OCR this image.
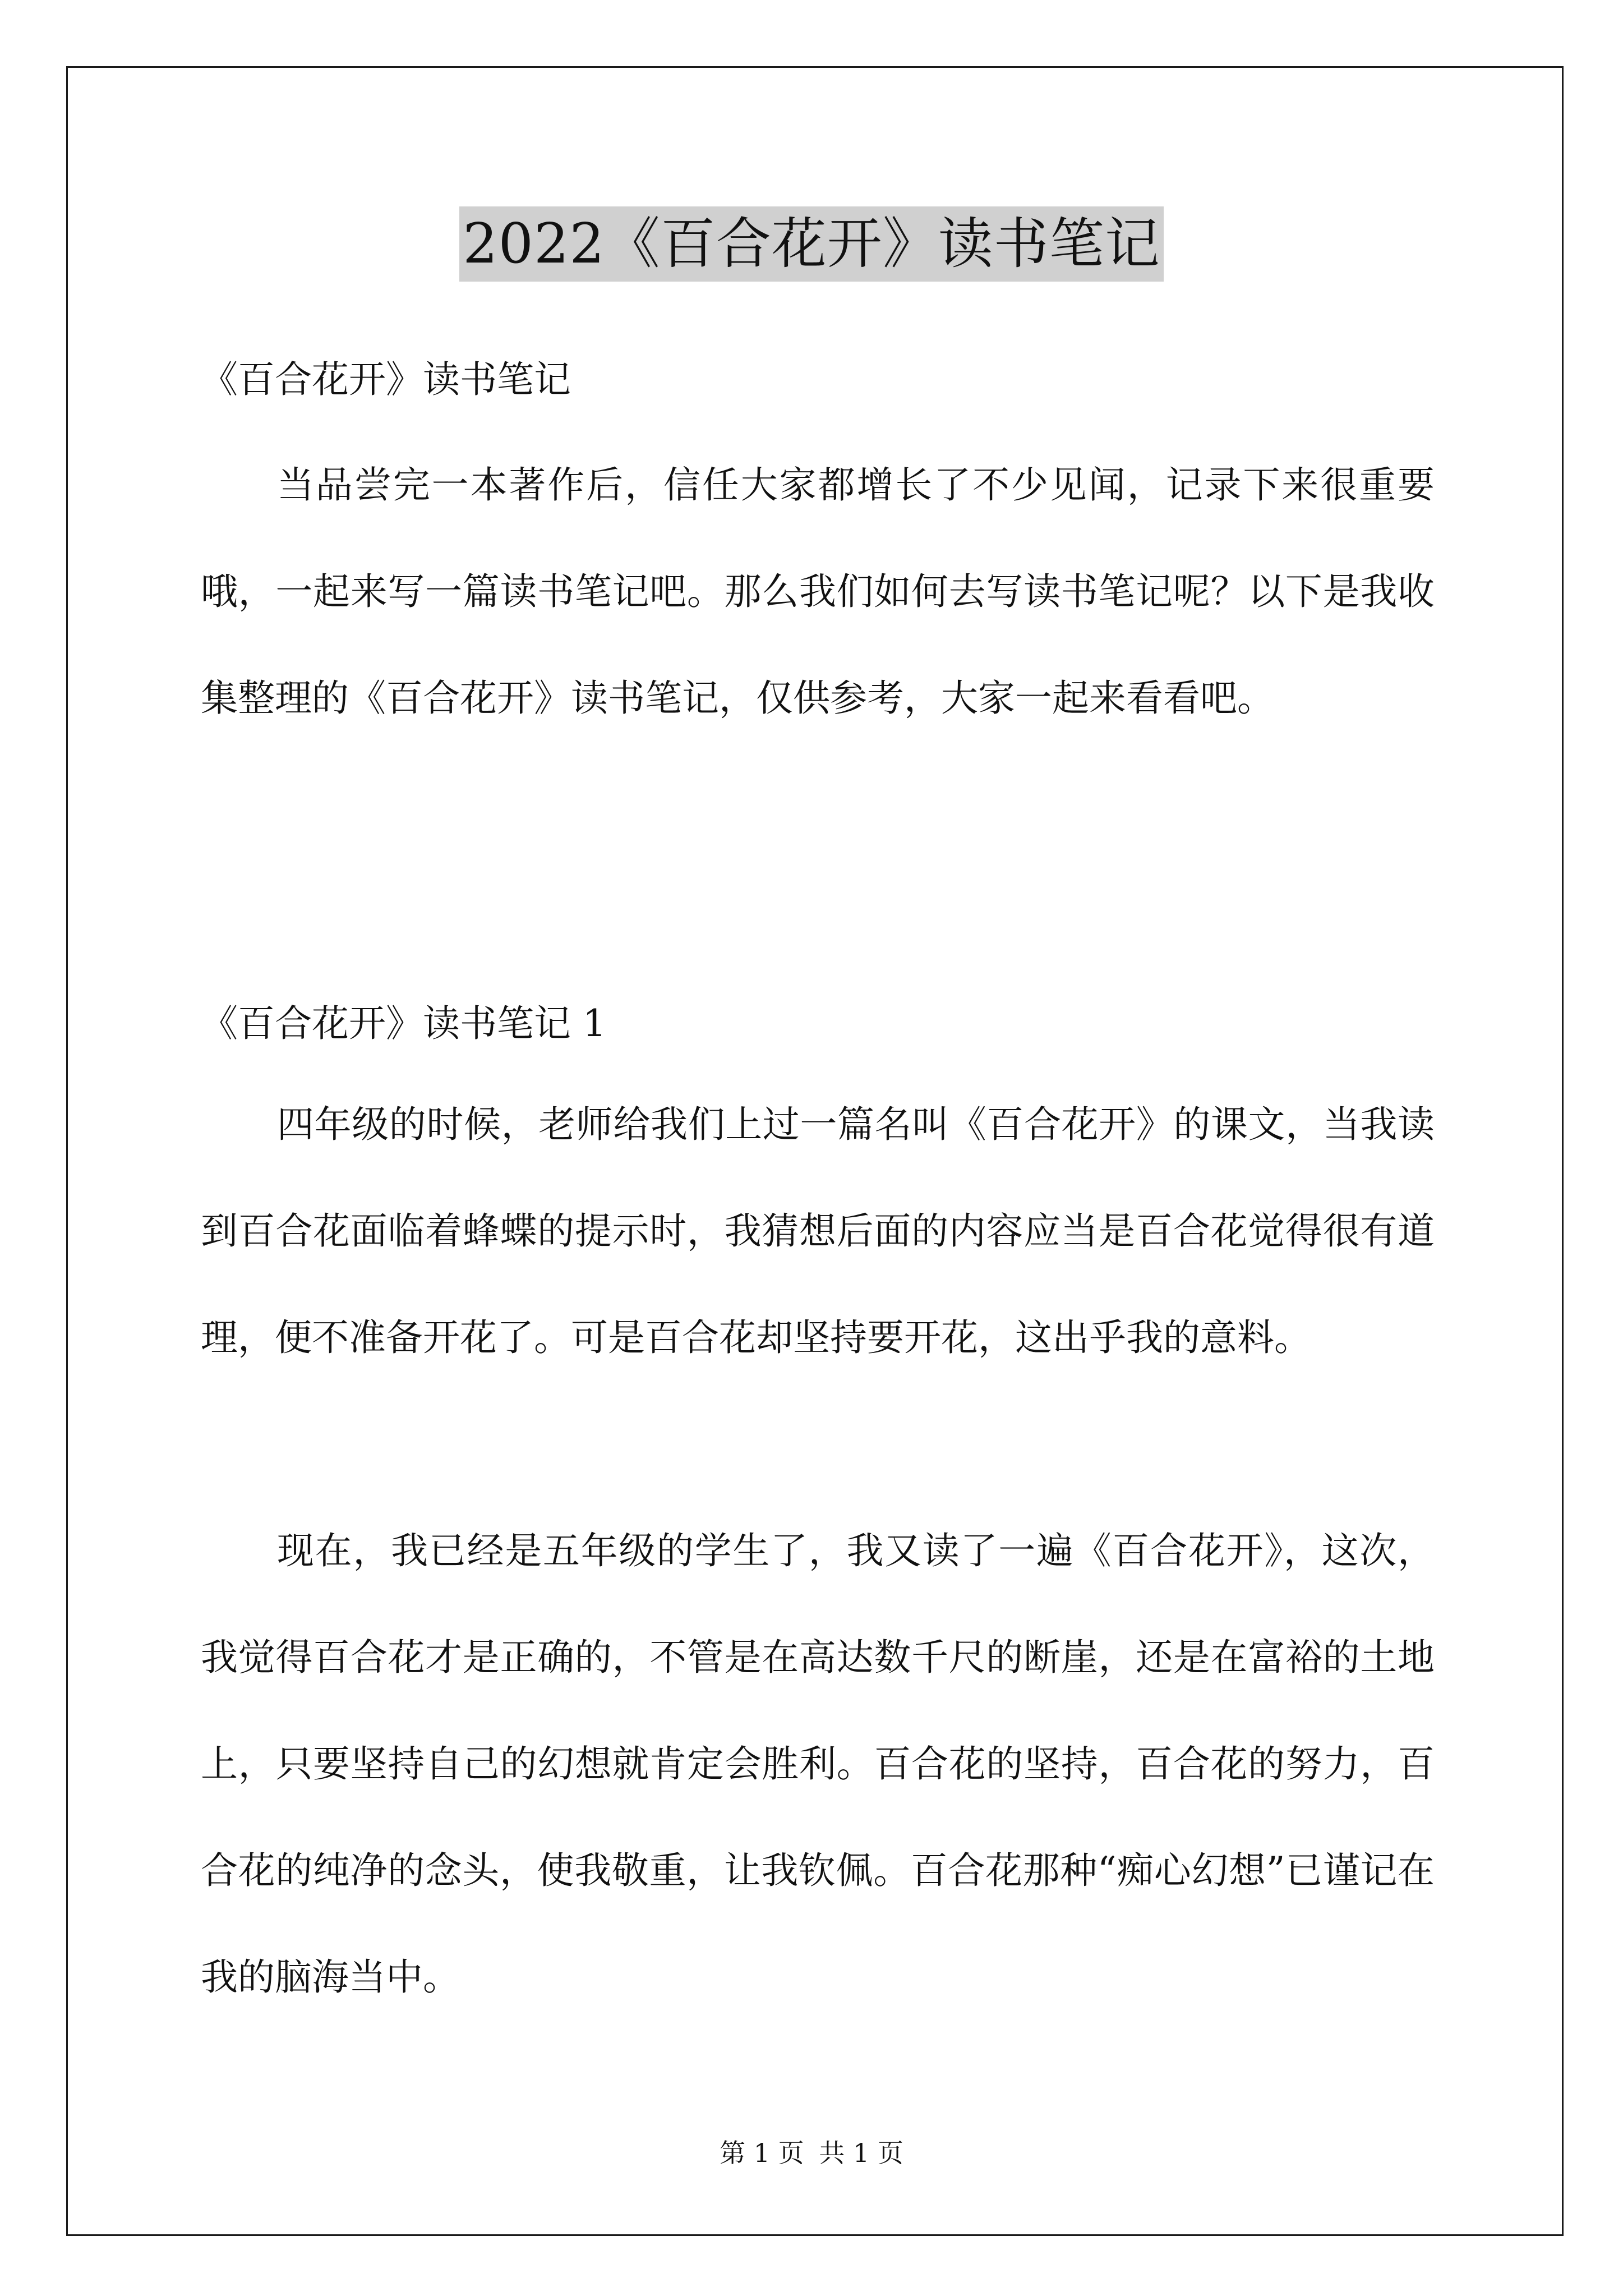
2022《百合花开》读书笔记
《百合花开》读书笔记

当品尝完一本著作后，信任大家都增长了不少见闻，记录下来很重要哦，一起来写一篇读书笔记吧。那么我们如何去写读书笔记呢？以下是我收集整理的《百合花开》读书笔记，仅供参考，大家一起来看看吧。

《百合花开》读书笔记 1

四年级的时候，老师给我们上过一篇名叫《百合花开》的课文，当我读到百合花面临着蜂蝶的提示时，我猜想后面的内容应当是百合花觉得很有道理，便不准备开花了。可是百合花却坚持要开花，这出乎我的意料。

现在，我已经是五年级的学生了，我又读了一遍《百合花开》，这次，我觉得百合花才是正确的，不管是在高达数千尺的断崖，还是在富裕的土地上，只要坚持自己的幻想就肯定会胜利。百合花的坚持，百合花的努力，百合花的纯净的念头，使我敬重，让我钦佩。百合花那种“痴心幻想”已谨记在我的脑海当中。

第 1 页 共 1 页
